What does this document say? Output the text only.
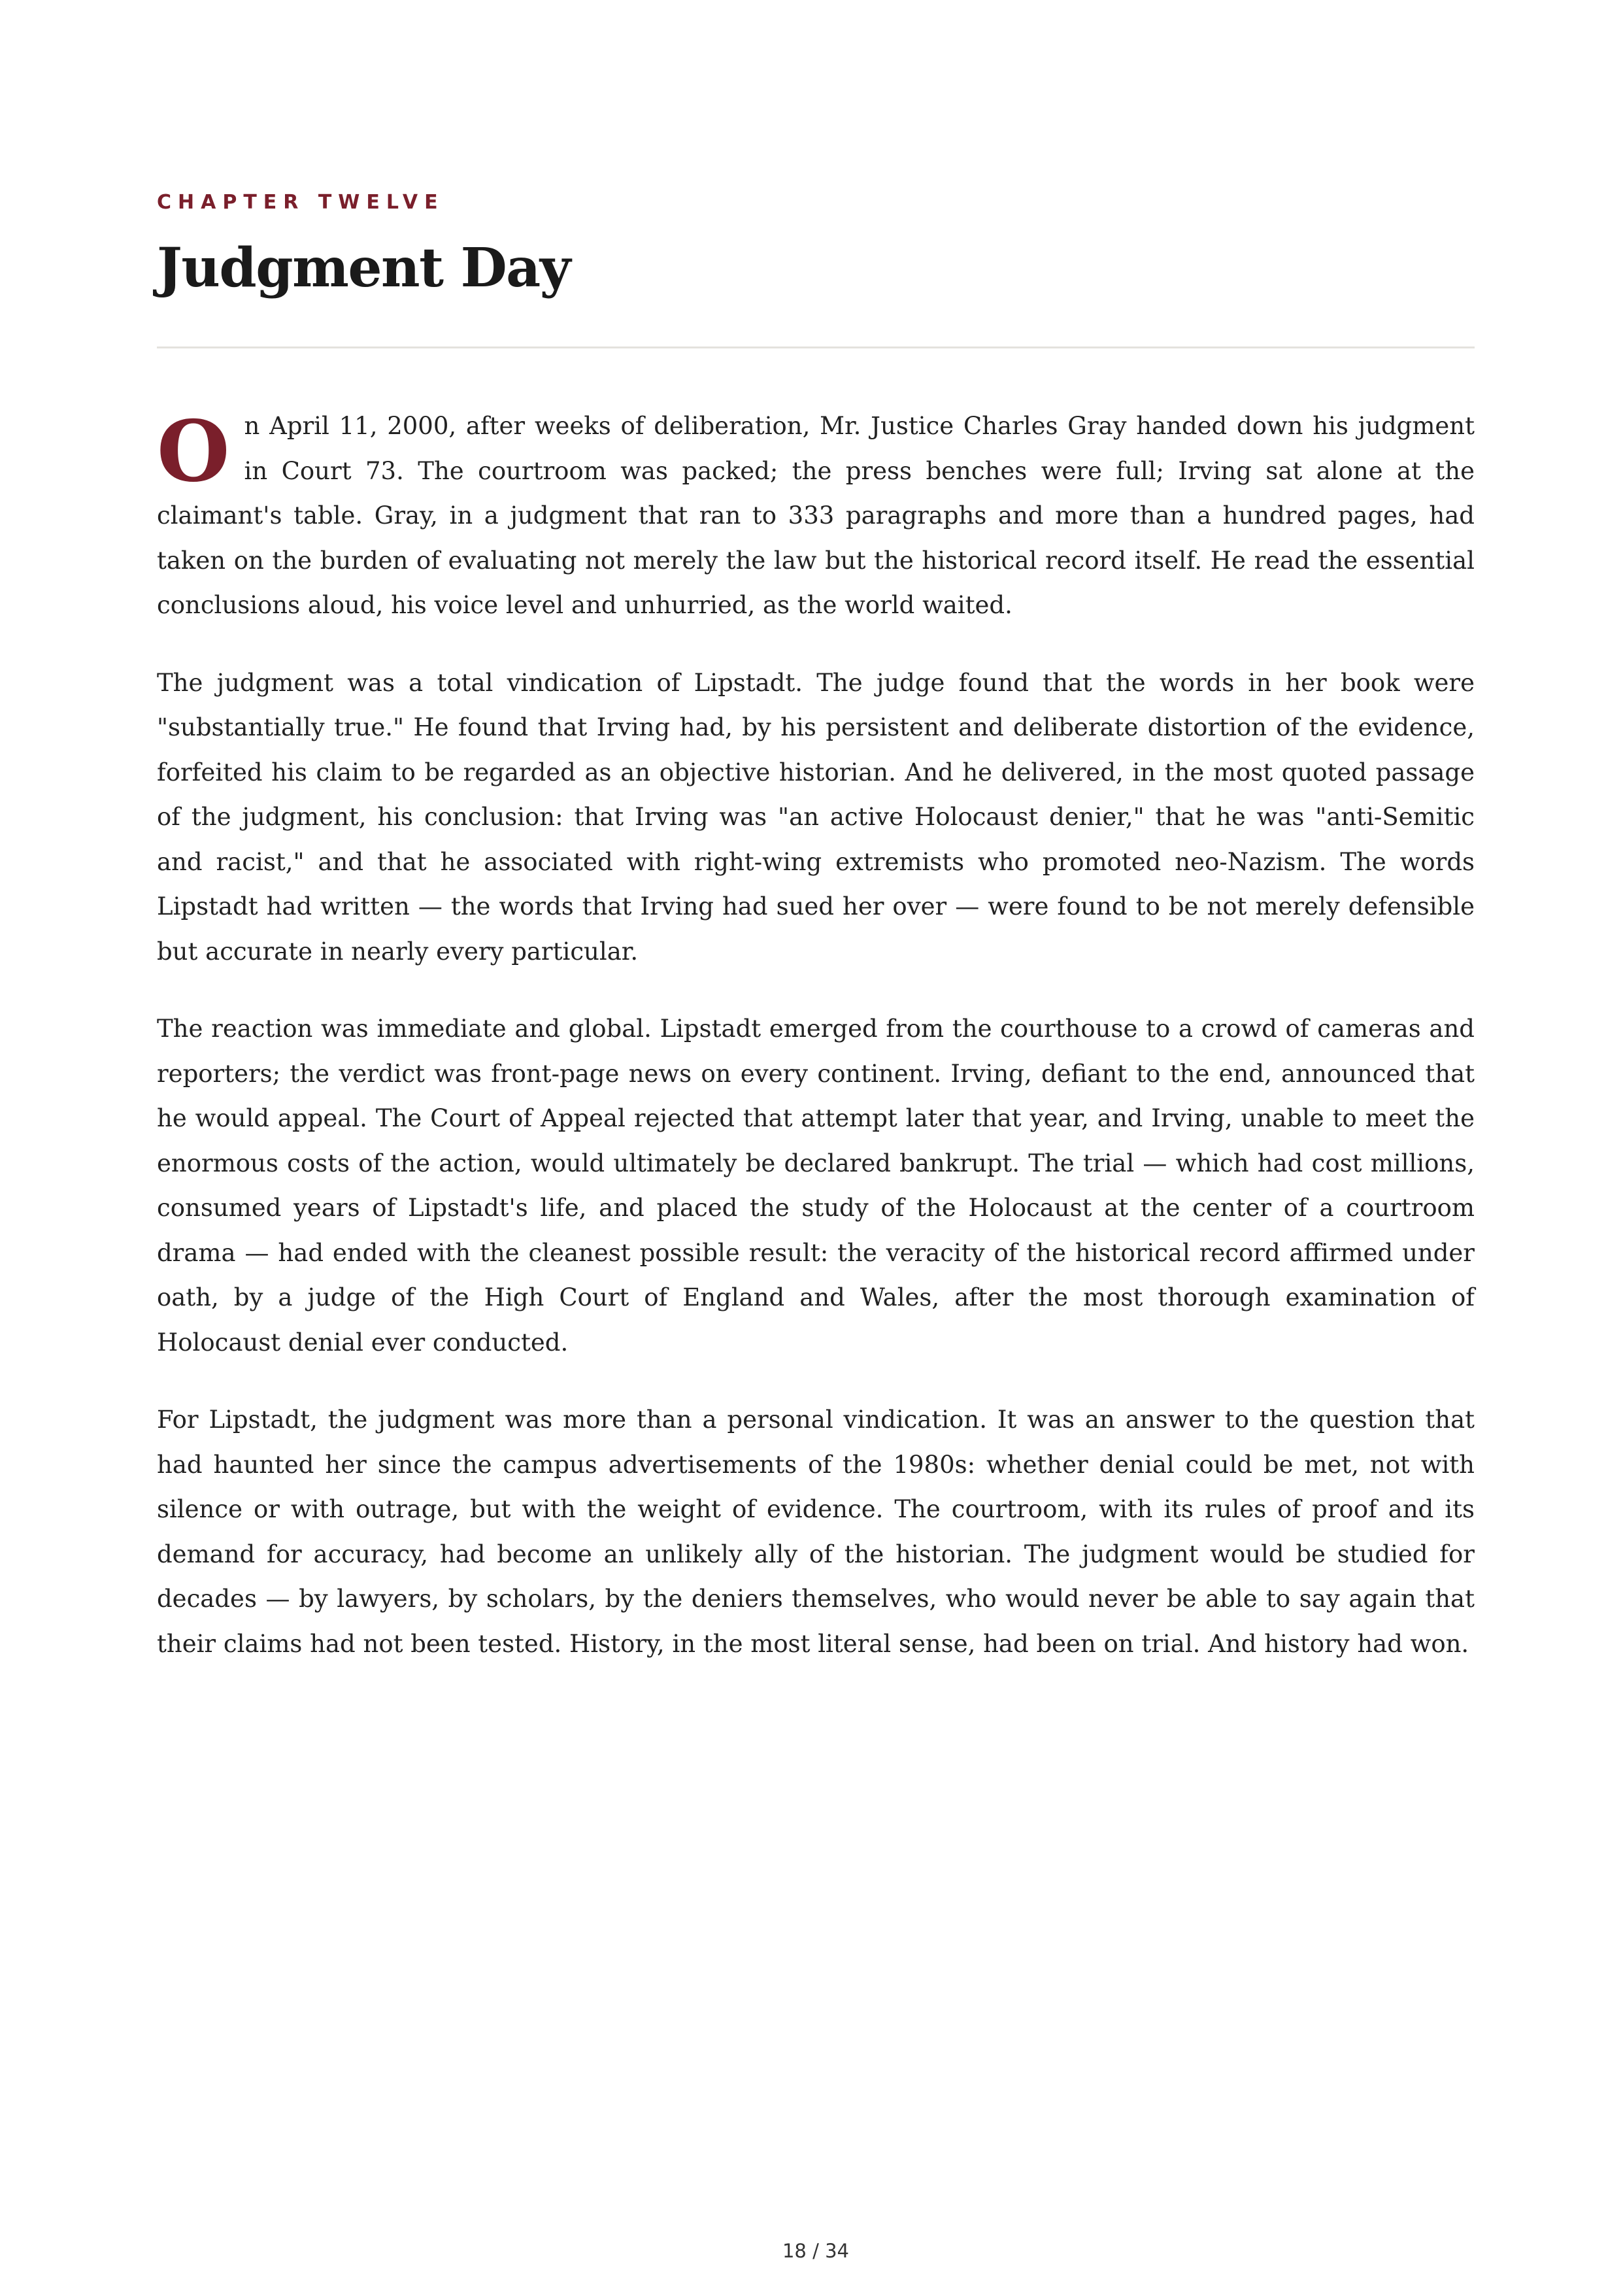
CHAPTER TWELVE
Judgment Day

On April 11, 2000, after weeks of deliberation, Mr. Justice Charles Gray handed down his judgment in Court 73. The courtroom was packed; the press benches were full; Irving sat alone at the claimant's table. Gray, in a judgment that ran to 333 paragraphs and more than a hundred pages, had taken on the burden of evaluating not merely the law but the historical record itself. He read the essential conclusions aloud, his voice level and unhurried, as the world waited.

The judgment was a total vindication of Lipstadt. The judge found that the words in her book were "substantially true." He found that Irving had, by his persistent and deliberate distortion of the evidence, forfeited his claim to be regarded as an objective historian. And he delivered, in the most quoted passage of the judgment, his conclusion: that Irving was "an active Holocaust denier," that he was "anti-Semitic and racist," and that he associated with right-wing extremists who promoted neo-Nazism. The words Lipstadt had written — the words that Irving had sued her over — were found to be not merely defensible but accurate in nearly every particular.

The reaction was immediate and global. Lipstadt emerged from the courthouse to a crowd of cameras and reporters; the verdict was front-page news on every continent. Irving, defiant to the end, announced that he would appeal. The Court of Appeal rejected that attempt later that year, and Irving, unable to meet the enormous costs of the action, would ultimately be declared bankrupt. The trial — which had cost millions, consumed years of Lipstadt's life, and placed the study of the Holocaust at the center of a courtroom drama — had ended with the cleanest possible result: the veracity of the historical record affirmed under oath, by a judge of the High Court of England and Wales, after the most thorough examination of Holocaust denial ever conducted.

For Lipstadt, the judgment was more than a personal vindication. It was an answer to the question that had haunted her since the campus advertisements of the 1980s: whether denial could be met, not with silence or with outrage, but with the weight of evidence. The courtroom, with its rules of proof and its demand for accuracy, had become an unlikely ally of the historian. The judgment would be studied for decades — by lawyers, by scholars, by the deniers themselves, who would never be able to say again that their claims had not been tested. History, in the most literal sense, had been on trial. And history had won.

18 / 34
